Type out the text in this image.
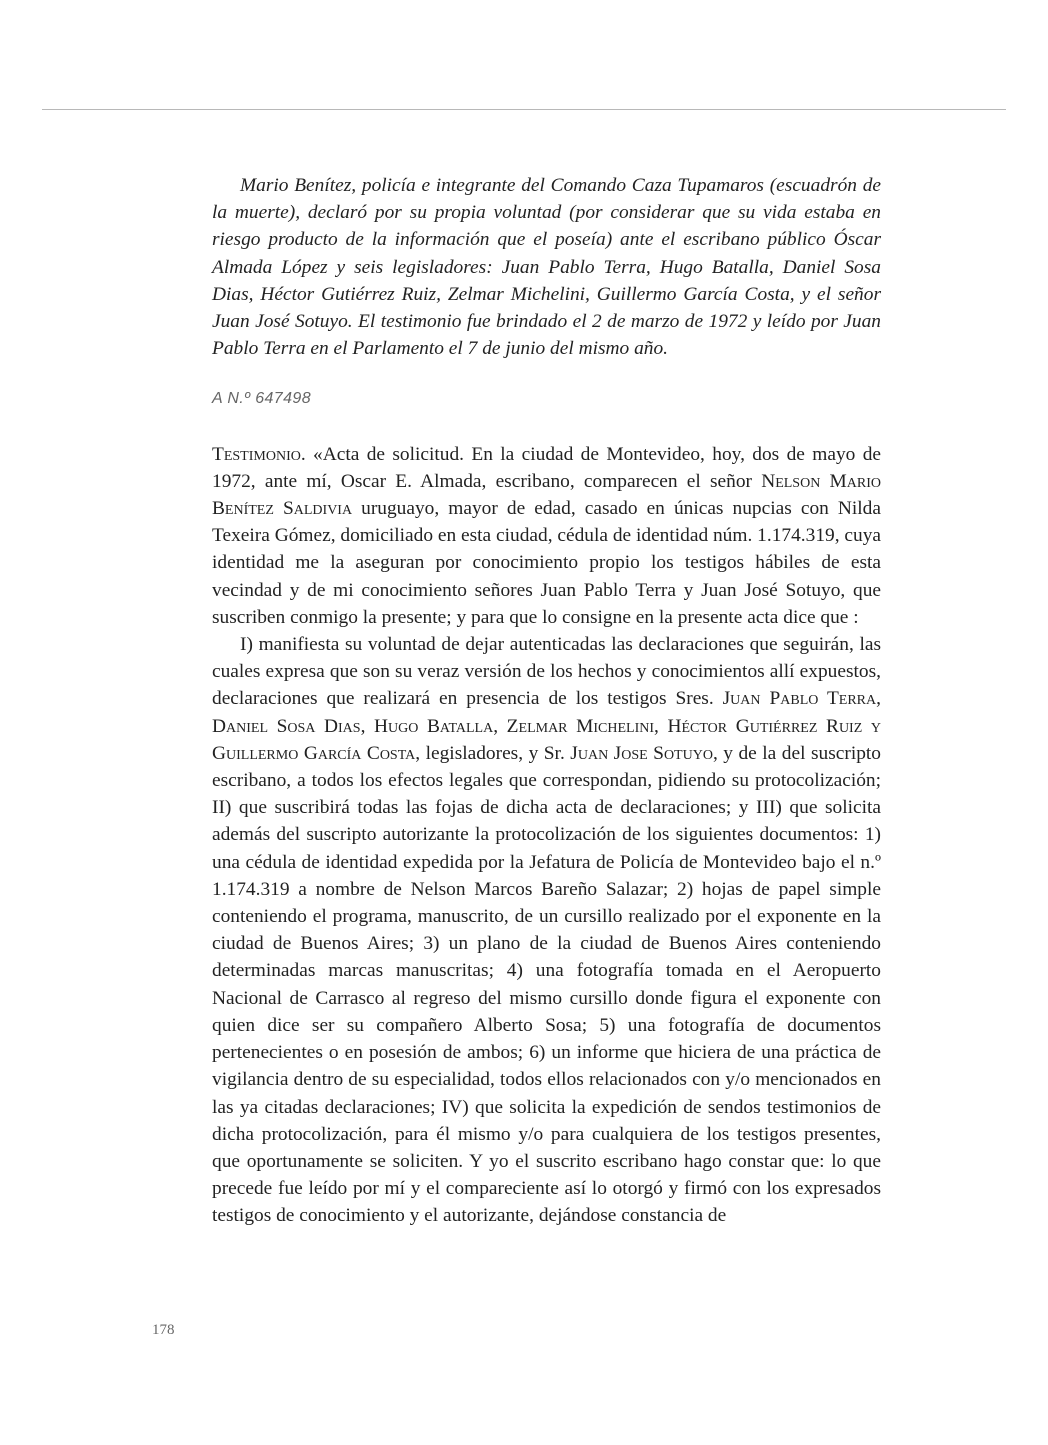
Mario Benítez, policía e integrante del Comando Caza Tupamaros (escuadrón de la muerte), declaró por su propia voluntad (por considerar que su vida estaba en riesgo producto de la información que el poseía) ante el escribano público Óscar Almada López y seis legisladores: Juan Pablo Terra, Hugo Batalla, Daniel Sosa Dias, Héctor Gutiérrez Ruiz, Zelmar Michelini, Guillermo García Costa, y el señor Juan José Sotuyo. El testimonio fue brindado el 2 de marzo de 1972 y leído por Juan Pablo Terra en el Parlamento el 7 de junio del mismo año.

A N.º 647498

Testimonio. «Acta de solicitud. En la ciudad de Montevideo, hoy, dos de mayo de 1972, ante mí, Oscar E. Almada, escribano, comparecen el señor Nelson Mario Benítez Saldivia uruguayo, mayor de edad, casado en únicas nupcias con Nilda Texeira Gómez, domiciliado en esta ciudad, cédula de identidad núm. 1.174.319, cuya identidad me la aseguran por conocimiento propio los testigos hábiles de esta vecindad y de mi conocimiento señores Juan Pablo Terra y Juan José Sotuyo, que suscriben conmigo la presente; y para que lo consigne en la presente acta dice que :

I) manifiesta su voluntad de dejar autenticadas las declaraciones que seguirán, las cuales expresa que son su veraz versión de los hechos y conocimientos allí expuestos, declaraciones que realizará en presencia de los testigos Sres. Juan Pablo Terra, Daniel Sosa Dias, Hugo Batalla, Zelmar Michelini, Héctor Gutiérrez Ruiz y Guillermo García Costa, legisladores, y Sr. Juan Jose Sotuyo, y de la del suscripto escribano, a todos los efectos legales que correspondan, pidiendo su protocolización; II) que suscribirá todas las fojas de dicha acta de declaraciones; y III) que solicita además del suscripto autorizante la protocolización de los siguientes documentos: 1) una cédula de identidad expedida por la Jefatura de Policía de Montevideo bajo el n.º 1.174.319 a nombre de Nelson Marcos Bareño Salazar; 2) hojas de papel simple conteniendo el programa, manuscrito, de un cursillo realizado por el exponente en la ciudad de Buenos Aires; 3) un plano de la ciudad de Buenos Aires conteniendo determinadas marcas manuscritas; 4) una fotografía tomada en el Aeropuerto Nacional de Carrasco al regreso del mismo cursillo donde figura el exponente con quien dice ser su compañero Alberto Sosa; 5) una fotografía de documentos pertenecientes o en posesión de ambos; 6) un informe que hiciera de una práctica de vigilancia dentro de su especialidad, todos ellos relacionados con y/o mencionados en las ya citadas declaraciones; IV) que solicita la expedición de sendos testimonios de dicha protocolización, para él mismo y/o para cualquiera de los testigos presentes, que oportunamente se soliciten. Y yo el suscrito escribano hago constar que: lo que precede fue leído por mí y el compareciente así lo otorgó y firmó con los expresados testigos de conocimiento y el autorizante, dejándose constancia de

178
